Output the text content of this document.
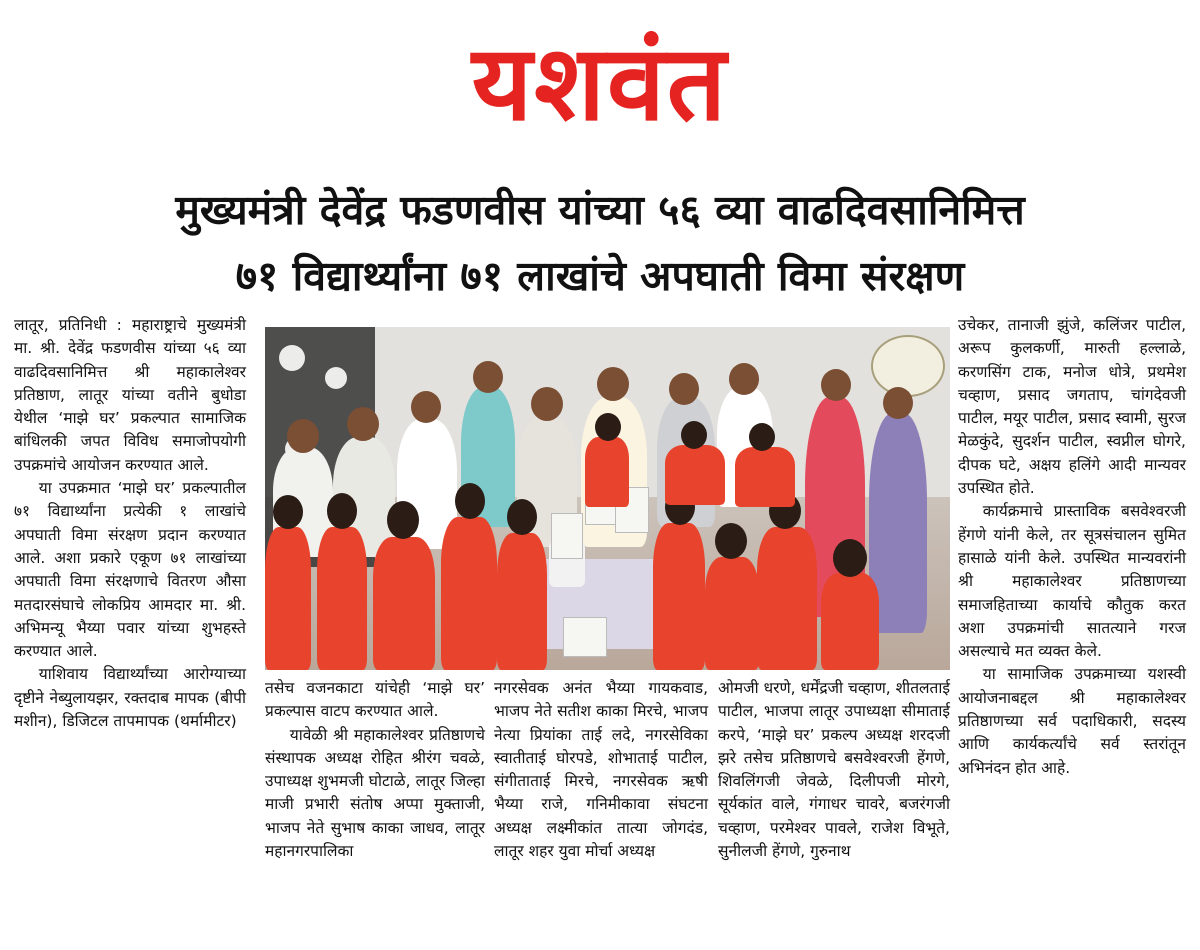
यशवंत
मुख्यमंत्री देवेंद्र फडणवीस यांच्या ५६ व्या वाढदिवसानिमित्त
७१ विद्यार्थ्यांना ७१ लाखांचे अपघाती विमा संरक्षण

लातूर, प्रतिनिधी : महाराष्ट्राचे मुख्यमंत्री मा. श्री. देवेंद्र फडणवीस यांच्या ५६ व्या वाढदिवसानिमित्त श्री महाकालेश्वर प्रतिष्ठाण, लातूर यांच्या वतीने बुधोडा येथील ‘माझे घर’ प्रकल्पात सामाजिक बांधिलकी जपत विविध समाजोपयोगी उपक्रमांचे आयोजन करण्यात आले.

या उपक्रमात ‘माझे घर’ प्रकल्पातील ७१ विद्यार्थ्यांना प्रत्येकी १ लाखांचे अपघाती विमा संरक्षण प्रदान करण्यात आले. अशा प्रकारे एकूण ७१ लाखांच्या अपघाती विमा संरक्षणाचे वितरण औसा मतदारसंघाचे लोकप्रिय आमदार मा. श्री. अभिमन्यू भैय्या पवार यांच्या शुभहस्ते करण्यात आले.

याशिवाय विद्यार्थ्यांच्या आरोग्याच्या दृष्टीने नेब्युलायझर, रक्तदाब मापक (बीपी मशीन), डिजिटल तापमापक (थर्मामीटर)

तसेच वजनकाटा यांचेही ‘माझे घर’ प्रकल्पास वाटप करण्यात आले.

यावेळी श्री महाकालेश्वर प्रतिष्ठाणचे संस्थापक अध्यक्ष रोहित श्रीरंग चवळे, उपाध्यक्ष शुभमजी घोटाळे, लातूर जिल्हा माजी प्रभारी संतोष अप्पा मुक्ताजी, भाजप नेते सुभाष काका जाधव, लातूर महानगरपालिका

नगरसेवक अनंत भैय्या गायकवाड, भाजप नेते सतीश काका मिरचे, भाजप नेत्या प्रियांका ताई लदे, नगरसेविका स्वातीताई घोरपडे, शोभाताई पाटील, संगीताताई मिरचे, नगरसेवक ऋषी भैय्या राजे, गनिमीकावा संघटना अध्यक्ष लक्ष्मीकांत तात्या जोगदंड, लातूर शहर युवा मोर्चा अध्यक्ष

ओमजी धरणे, धर्मेंद्रजी चव्हाण, शीतलताई पाटील, भाजपा लातूर उपाध्यक्षा सीमाताई करपे, ‘माझे घर’ प्रकल्प अध्यक्ष शरदजी झरे तसेच प्रतिष्ठाणचे बसवेश्वरजी हेंगणे, शिवलिंगजी जेवळे, दिलीपजी मोरगे, सूर्यकांत वाले, गंगाधर चावरे, बजरंगजी चव्हाण, परमेश्वर पावले, राजेश विभूते, सुनीलजी हेंगणे, गुरुनाथ

उचेकर, तानाजी झुंजे, कलिंजर पाटील, अरूप कुलकर्णी, मारुती हल्लाळे, करणसिंग टाक, मनोज धोत्रे, प्रथमेश चव्हाण, प्रसाद जगताप, चांगदेवजी पाटील, मयूर पाटील, प्रसाद स्वामी, सुरज मेळकुंदे, सुदर्शन पाटील, स्वप्नील घोगरे, दीपक घटे, अक्षय हलिंगे आदी मान्यवर उपस्थित होते.

कार्यक्रमाचे प्रास्ताविक बसवेश्वरजी हेंगणे यांनी केले, तर सूत्रसंचालन सुमित हासाळे यांनी केले. उपस्थित मान्यवरांनी श्री महाकालेश्वर प्रतिष्ठाणच्या समाजहिताच्या कार्याचे कौतुक करत अशा उपक्रमांची सातत्याने गरज असल्याचे मत व्यक्त केले.

या सामाजिक उपक्रमाच्या यशस्वी आयोजनाबद्दल श्री महाकालेश्वर प्रतिष्ठाणच्या सर्व पदाधिकारी, सदस्य आणि कार्यकर्त्यांचे सर्व स्तरांतून अभिनंदन होत आहे.
